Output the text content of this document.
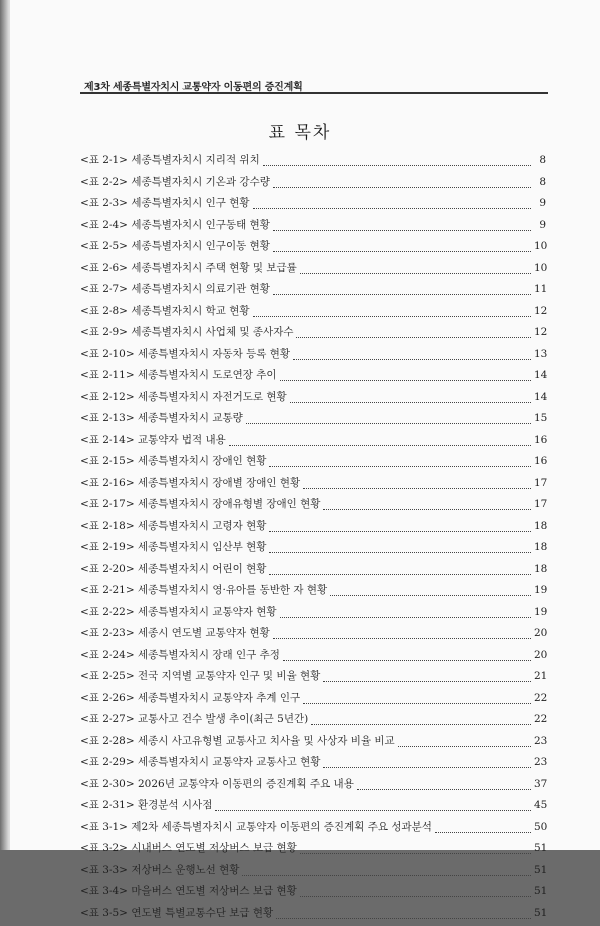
제3차 세종특별자치시 교통약자 이동편의 증진계획
표 목차
<표 2-1> 세종특별자치시 지리적 위치	8
<표 2-2> 세종특별자치시 기온과 강수량	8
<표 2-3> 세종특별자치시 인구 현황	9
<표 2-4> 세종특별자치시 인구동태 현황	9
<표 2-5> 세종특별자치시 인구이동 현황	10
<표 2-6> 세종특별자치시 주택 현황 및 보급률	10
<표 2-7> 세종특별자치시 의료기관 현황	11
<표 2-8> 세종특별자치시 학교 현황	12
<표 2-9> 세종특별자치시 사업체 및 종사자수	12
<표 2-10> 세종특별자치시 자동차 등록 현황	13
<표 2-11> 세종특별자치시 도로연장 추이	14
<표 2-12> 세종특별자치시 자전거도로 현황	14
<표 2-13> 세종특별자치시 교통량	15
<표 2-14> 교통약자 법적 내용	16
<표 2-15> 세종특별자치시 장애인 현황	16
<표 2-16> 세종특별자치시 장애별 장애인 현황	17
<표 2-17> 세종특별자치시 장애유형별 장애인 현황	17
<표 2-18> 세종특별자치시 고령자 현황	18
<표 2-19> 세종특별자치시 임산부 현황	18
<표 2-20> 세종특별자치시 어린이 현황	18
<표 2-21> 세종특별자치시 영·유아를 동반한 자 현황	19
<표 2-22> 세종특별자치시 교통약자 현황	19
<표 2-23> 세종시 연도별 교통약자 현황	20
<표 2-24> 세종특별자치시 장래 인구 추정	20
<표 2-25> 전국 지역별 교통약자 인구 및 비율 현황	21
<표 2-26> 세종특별자치시 교통약자 추계 인구	22
<표 2-27> 교통사고 건수 발생 추이(최근 5년간)	22
<표 2-28> 세종시 사고유형별 교통사고 치사율 및 사상자 비율 비교	23
<표 2-29> 세종특별자치시 교통약자 교통사고 현황	23
<표 2-30> 2026년 교통약자 이동편의 증진계획 주요 내용	37
<표 2-31> 환경분석 시사점	45
<표 3-1> 제2차 세종특별자치시 교통약자 이동편의 증진계획 주요 성과분석	50
<표 3-2> 시내버스 연도별 저상버스 보급 현황	51
<표 3-3> 저상버스 운행노선 현황	51
<표 3-4> 마을버스 연도별 저상버스 보급 현황	51
<표 3-5> 연도별 특별교통수단 보급 현황	51
